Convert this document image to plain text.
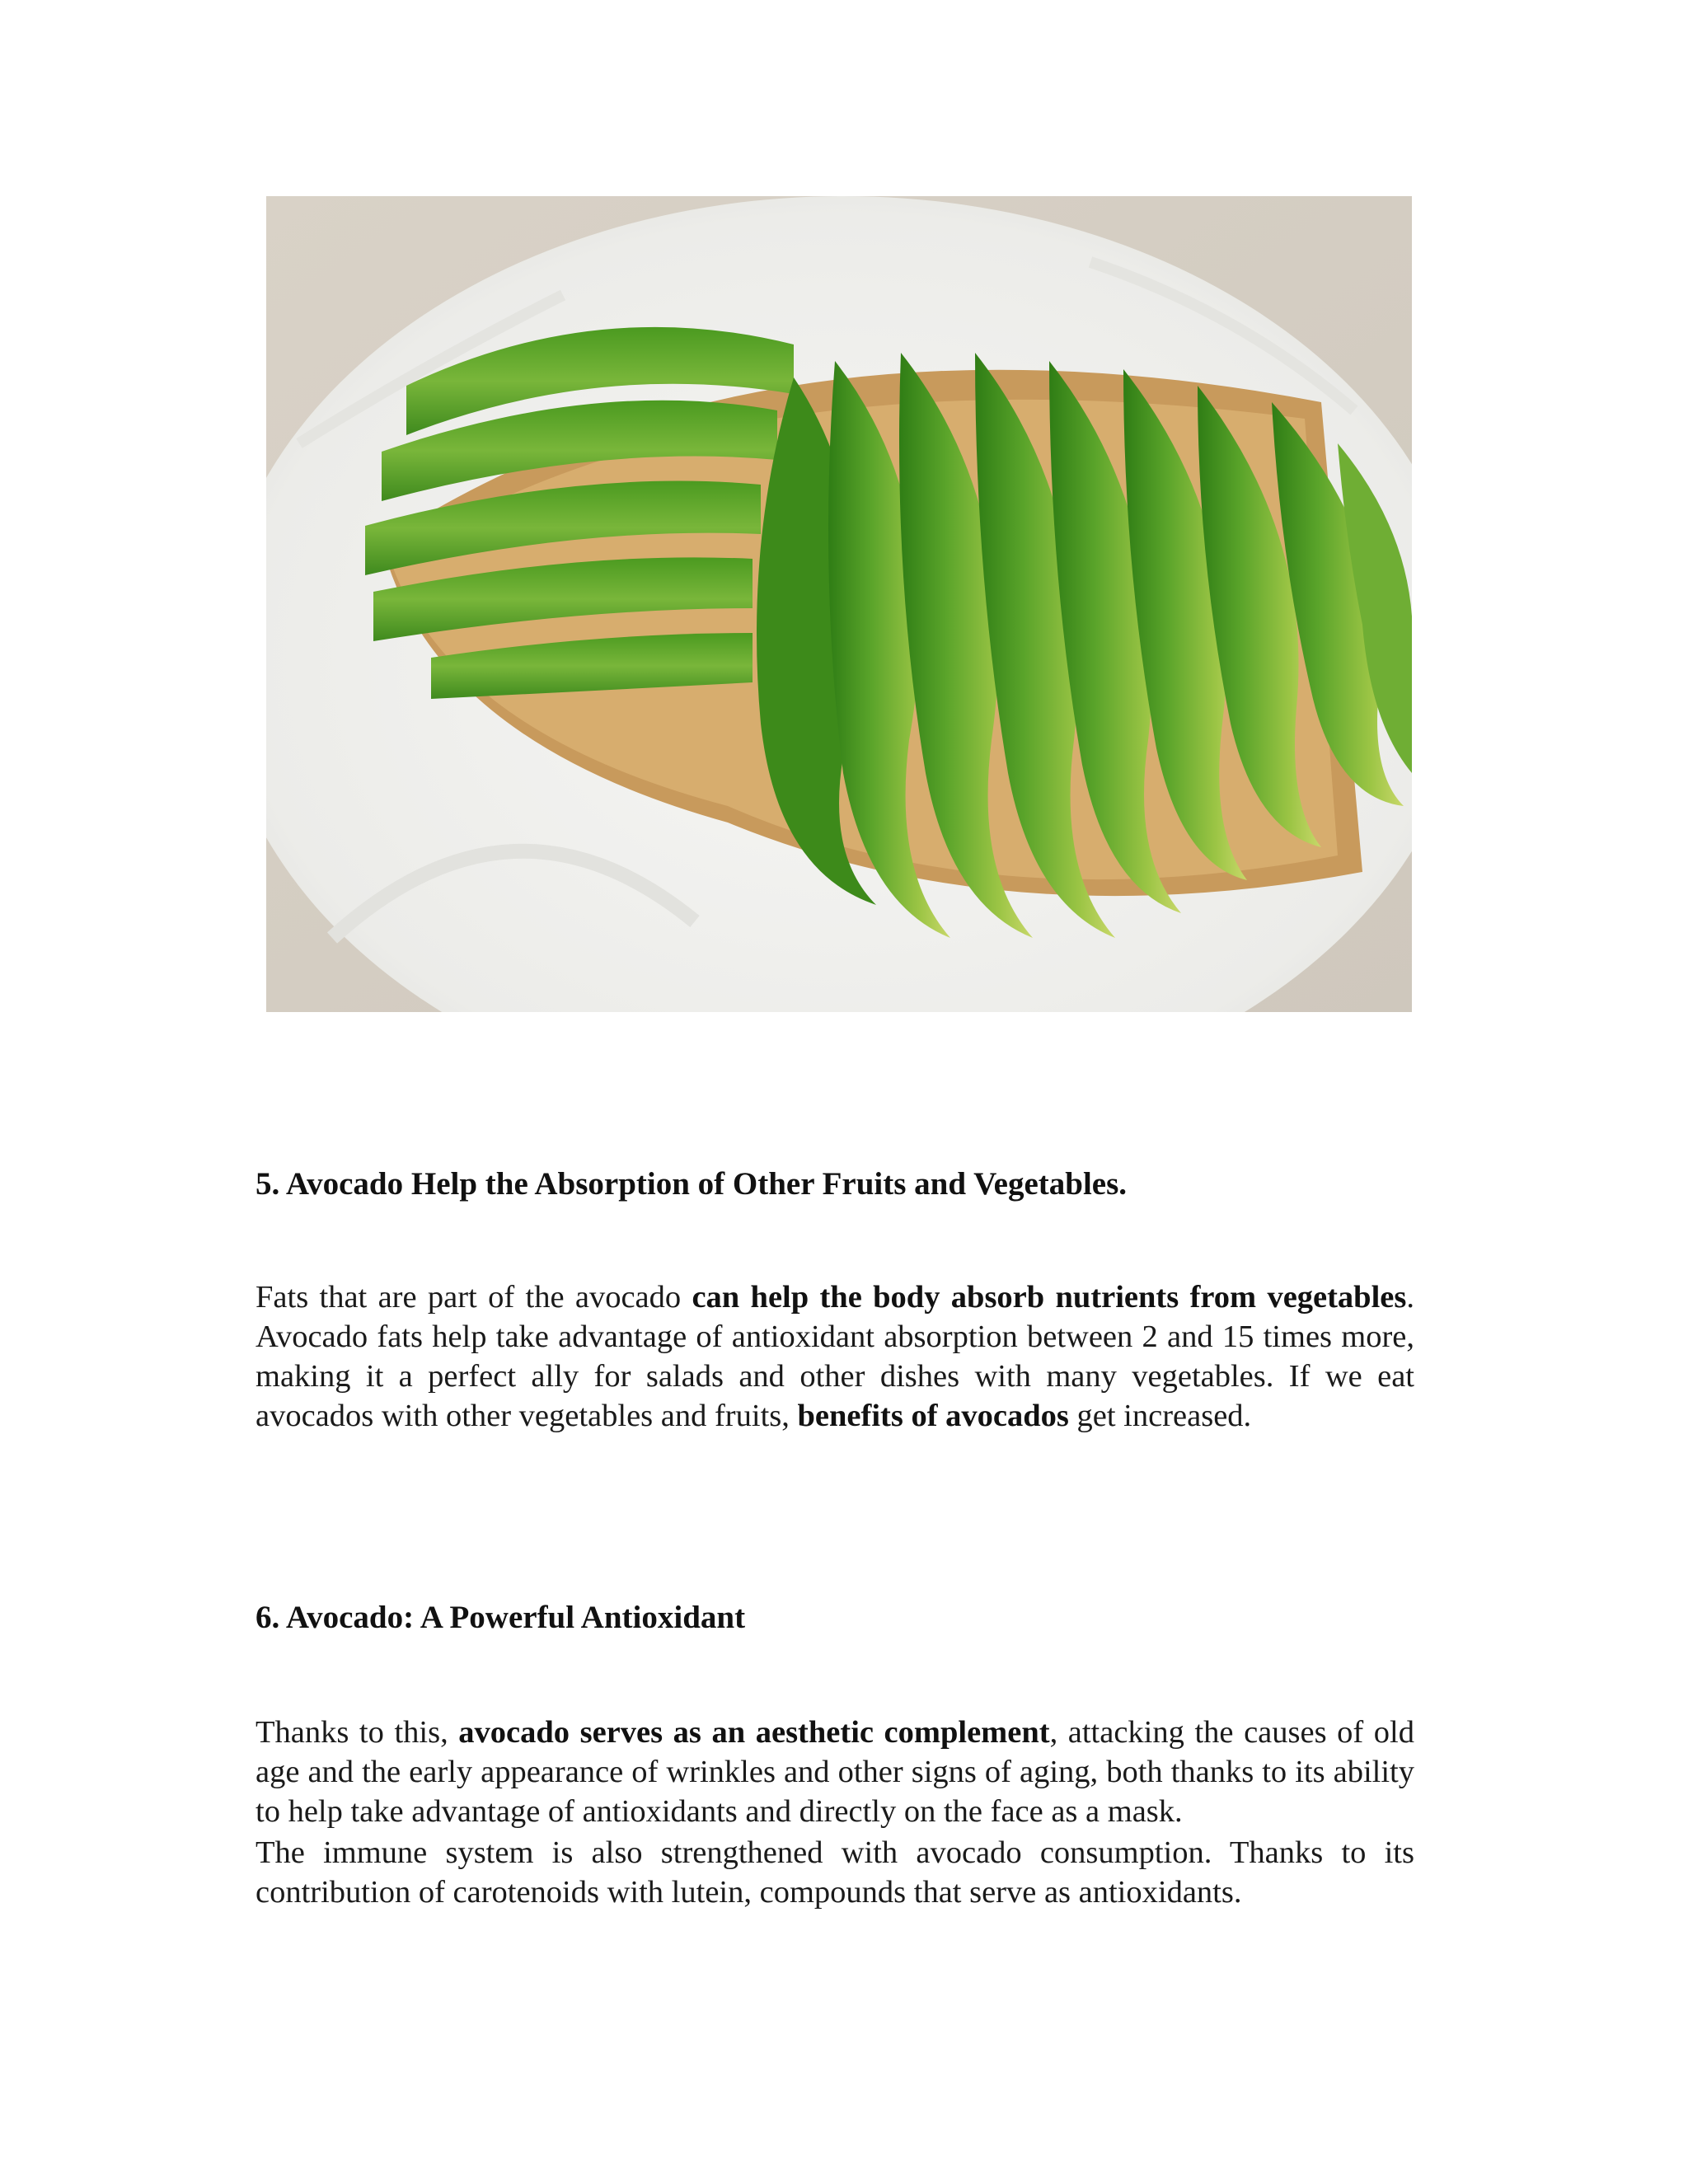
5. Avocado Help the Absorption of Other Fruits and Vegetables.

Fats that are part of the avocado can help the body absorb nutrients from vegetables. Avocado fats help take advantage of antioxidant absorption between 2 and 15 times more, making it a perfect ally for salads and other dishes with many vegetables. If we eat avocados with other vegetables and fruits, benefits of avocados get increased.

6. Avocado: A Powerful Antioxidant

Thanks to this, avocado serves as an aesthetic complement, attacking the causes of old age and the early appearance of wrinkles and other signs of aging, both thanks to its ability to help take advantage of antioxidants and directly on the face as a mask.

The immune system is also strengthened with avocado consumption. Thanks to its contribution of carotenoids with lutein, compounds that serve as antioxidants.
